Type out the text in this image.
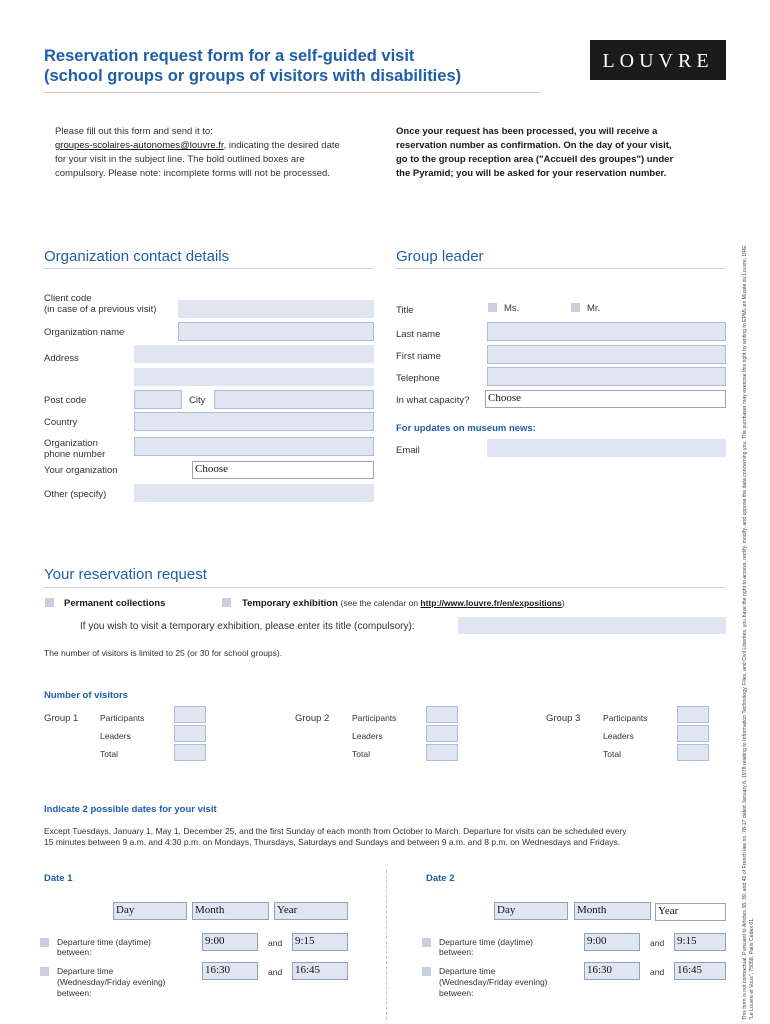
Reservation request form for a self-guided visit
(school groups or groups of visitors with disabilities)
LOUVRE
Please fill out this form and send it to:
groupes-scolaires-autonomes@louvre.fr, indicating the desired date
for your visit in the subject line. The bold outlined boxes are
compulsory. Please note: incomplete forms will not be processed.
Once your request has been processed, you will receive a
reservation number as confirmation. On the day of your visit,
go to the group reception area ("Accueil des groupes") under
the Pyramid; you will be asked for your reservation number.
Organization contact details
Client code
(in case of a previous visit)
Organization name
Address
Post code	City
Country
Organization
phone number
Your organization	Choose
Other (specify)
Group leader
Title	Ms.	Mr.
Last name
First name
Telephone
In what capacity? Choose
For updates on museum news:
Email
Your reservation request
Permanent collections	Temporary exhibition (see the calendar on http://www.louvre.fr/en/expositions)
If you wish to visit a temporary exhibition, please enter its title (compulsory):
The number of visitors is limited to 25 (or 30 for school groups).
Number of visitors
Group 1	Participants
Leaders
Total
Group 2	Participants
Leaders
Total
Group 3	Participants
Leaders
Total
Indicate 2 possible dates for your visit
Except Tuesdays, January 1, May 1, December 25, and the first Sunday of each month from October to March. Departure for visits can be scheduled every
15 minutes between 9 a.m. and 4:30 p.m. on Mondays, Thursdays, Saturdays and Sundays and between 9 a.m. and 8 p.m. on Wednesdays and Fridays.
Date 1
Day	Month	Year
Departure time (daytime)
between:
9:00	and 9:15
Departure time
(Wednesday/Friday evening)
between:
16:30	and 16:45
Date 2
Day	Month	Year
Departure time (daytime)
between:
9:00	and 9:15
Departure time
(Wednesday/Friday evening)
between:
16:30	and 16:45	This form is not contractual. Pursuant to Articles 38, 39, and 40 of French law no. 78-17 dated January 6, 1978 relating to Information Technology, Files, and Civil Liberties, you have the right to access, rectify, modify, and oppose the data concerning you. The purchaser may exercise this right by writing to EPML en Musée du Louvre, DRE "Le Louvre et Vous", 75058, Paris Cedex 01.
